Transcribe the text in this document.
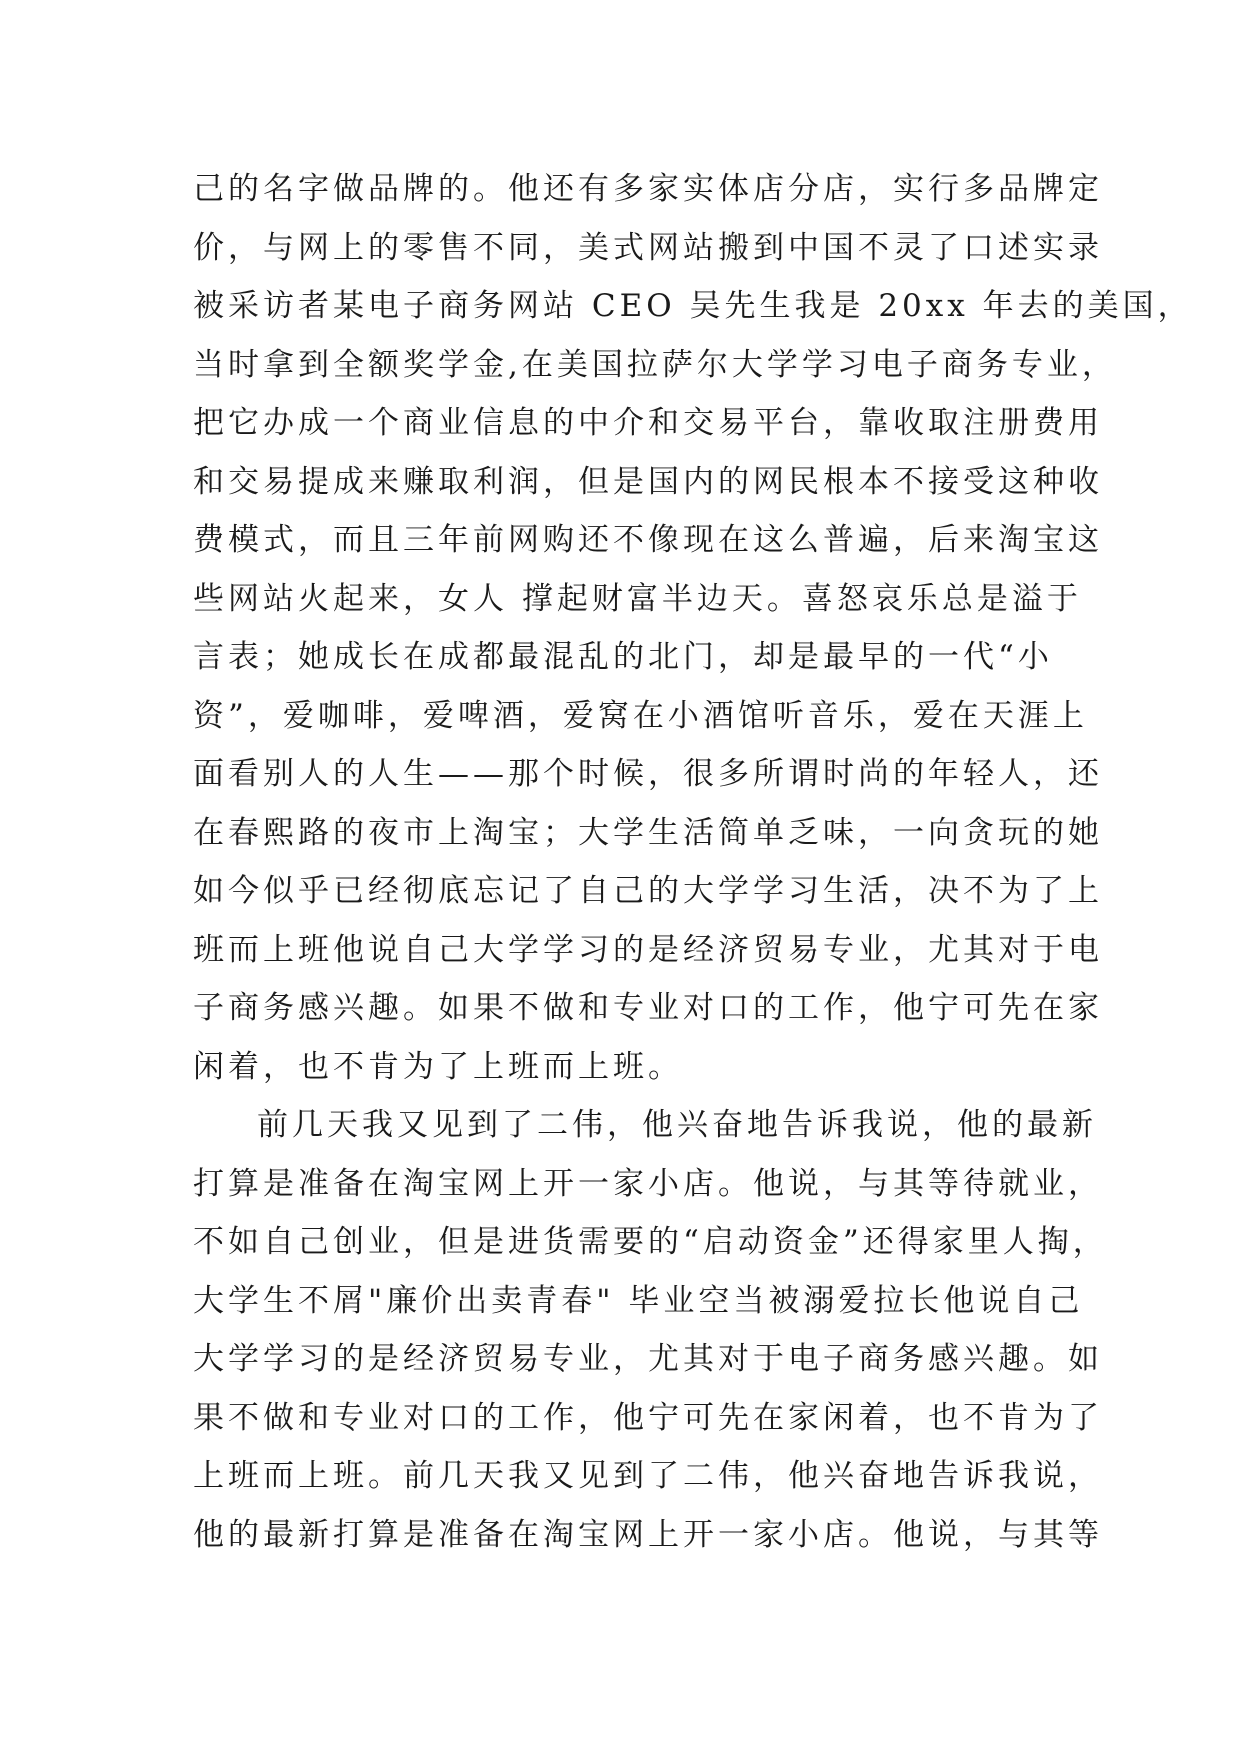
己的名字做品牌的。他还有多家实体店分店，实行多品牌定
价，与网上的零售不同，美式网站搬到中国不灵了口述实录
被采访者某电子商务网站 CEO 吴先生我是 20xx 年去的美国，
当时拿到全额奖学金,在美国拉萨尔大学学习电子商务专业，
把它办成一个商业信息的中介和交易平台，靠收取注册费用
和交易提成来赚取利润，但是国内的网民根本不接受这种收
费模式，而且三年前网购还不像现在这么普遍，后来淘宝这
些网站火起来，女人 撑起财富半边天。喜怒哀乐总是溢于
言表；她成长在成都最混乱的北门，却是最早的一代“小
资”，爱咖啡，爱啤酒，爱窝在小酒馆听音乐，爱在天涯上
面看别人的人生——那个时候，很多所谓时尚的年轻人，还
在春熙路的夜市上淘宝；大学生活简单乏味，一向贪玩的她
如今似乎已经彻底忘记了自己的大学学习生活，决不为了上
班而上班他说自己大学学习的是经济贸易专业，尤其对于电
子商务感兴趣。如果不做和专业对口的工作，他宁可先在家
闲着，也不肯为了上班而上班。
前几天我又见到了二伟，他兴奋地告诉我说，他的最新
打算是准备在淘宝网上开一家小店。他说，与其等待就业，
不如自己创业，但是进货需要的“启动资金”还得家里人掏，
大学生不屑"廉价出卖青春" 毕业空当被溺爱拉长他说自己
大学学习的是经济贸易专业，尤其对于电子商务感兴趣。如
果不做和专业对口的工作，他宁可先在家闲着，也不肯为了
上班而上班。前几天我又见到了二伟，他兴奋地告诉我说，
他的最新打算是准备在淘宝网上开一家小店。他说，与其等
